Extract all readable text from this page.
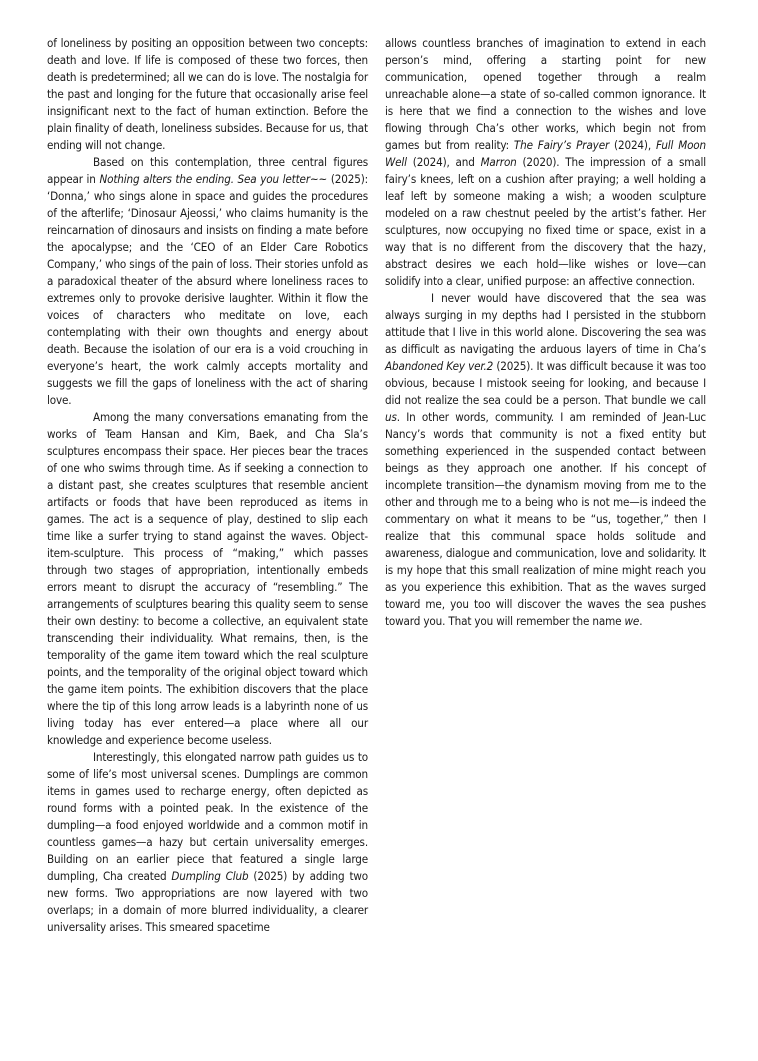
of loneliness by positing an opposition between two concepts: death and love. If life is composed of these two forces, then death is predetermined; all we can do is love. The nostalgia for the past and longing for the future that occasionally arise feel insignificant next to the fact of human extinction. Before the plain finality of death, loneliness subsides. Because for us, that ending will not change.

Based on this contemplation, three central figures appear in Nothing alters the ending. Sea you letter~~ (2025): ‘Donna,’ who sings alone in space and guides the procedures of the afterlife; ‘Dinosaur Ajeossi,’ who claims humanity is the reincarnation of dinosaurs and insists on finding a mate before the apocalypse; and the ‘CEO of an Elder Care Robotics Company,’ who sings of the pain of loss. Their stories unfold as a paradoxical theater of the absurd where loneliness races to extremes only to provoke derisive laughter. Within it flow the voices of characters who meditate on love, each contemplating with their own thoughts and energy about death. Because the isolation of our era is a void crouching in everyone’s heart, the work calmly accepts mortality and suggests we fill the gaps of loneliness with the act of sharing love.

Among the many conversations emanating from the works of Team Hansan and Kim, Baek, and Cha Sla’s sculptures encompass their space. Her pieces bear the traces of one who swims through time. As if seeking a connection to a distant past, she creates sculptures that resemble ancient artifacts or foods that have been reproduced as items in games. The act is a sequence of play, destined to slip each time like a surfer trying to stand against the waves. Object-item-sculpture. This process of “making,” which passes through two stages of appropriation, intentionally embeds errors meant to disrupt the accuracy of “resembling.” The arrangements of sculptures bearing this quality seem to sense their own destiny: to become a collective, an equivalent state transcending their individuality. What remains, then, is the temporality of the game item toward which the real sculpture points, and the temporality of the original object toward which the game item points. The exhibition discovers that the place where the tip of this long arrow leads is a labyrinth none of us living today has ever entered—a place where all our knowledge and experience become useless.

Interestingly, this elongated narrow path guides us to some of life’s most universal scenes. Dumplings are common items in games used to recharge energy, often depicted as round forms with a pointed peak. In the existence of the dumpling—a food enjoyed worldwide and a common motif in countless games—a hazy but certain universality emerges. Building on an earlier piece that featured a single large dumpling, Cha created Dumpling Club (2025) by adding two new forms. Two appropriations are now layered with two overlaps; in a domain of more blurred individuality, a clearer universality arises. This smeared spacetime

allows countless branches of imagination to extend in each person’s mind, offering a starting point for new communication, opened together through a realm unreachable alone—a state of so-called common ignorance. It is here that we find a connection to the wishes and love flowing through Cha’s other works, which begin not from games but from reality: The Fairy’s Prayer (2024), Full Moon Well (2024), and Marron (2020). The impression of a small fairy’s knees, left on a cushion after praying; a well holding a leaf left by someone making a wish; a wooden sculpture modeled on a raw chestnut peeled by the artist’s father. Her sculptures, now occupying no fixed time or space, exist in a way that is no different from the discovery that the hazy, abstract desires we each hold—like wishes or love—can solidify into a clear, unified purpose: an affective connection.

I never would have discovered that the sea was always surging in my depths had I persisted in the stubborn attitude that I live in this world alone. Discovering the sea was as difficult as navigating the arduous layers of time in Cha’s Abandoned Key ver.2 (2025). It was difficult because it was too obvious, because I mistook seeing for looking, and because I did not realize the sea could be a person. That bundle we call us. In other words, community. I am reminded of Jean-Luc Nancy’s words that community is not a fixed entity but something experienced in the suspended contact between beings as they approach one another. If his concept of incomplete transition—the dynamism moving from me to the other and through me to a being who is not me—is indeed the commentary on what it means to be “us, together,” then I realize that this communal space holds solitude and awareness, dialogue and communication, love and solidarity. It is my hope that this small realization of mine might reach you as you experience this exhibition. That as the waves surged toward me, you too will discover the waves the sea pushes toward you. That you will remember the name we.
